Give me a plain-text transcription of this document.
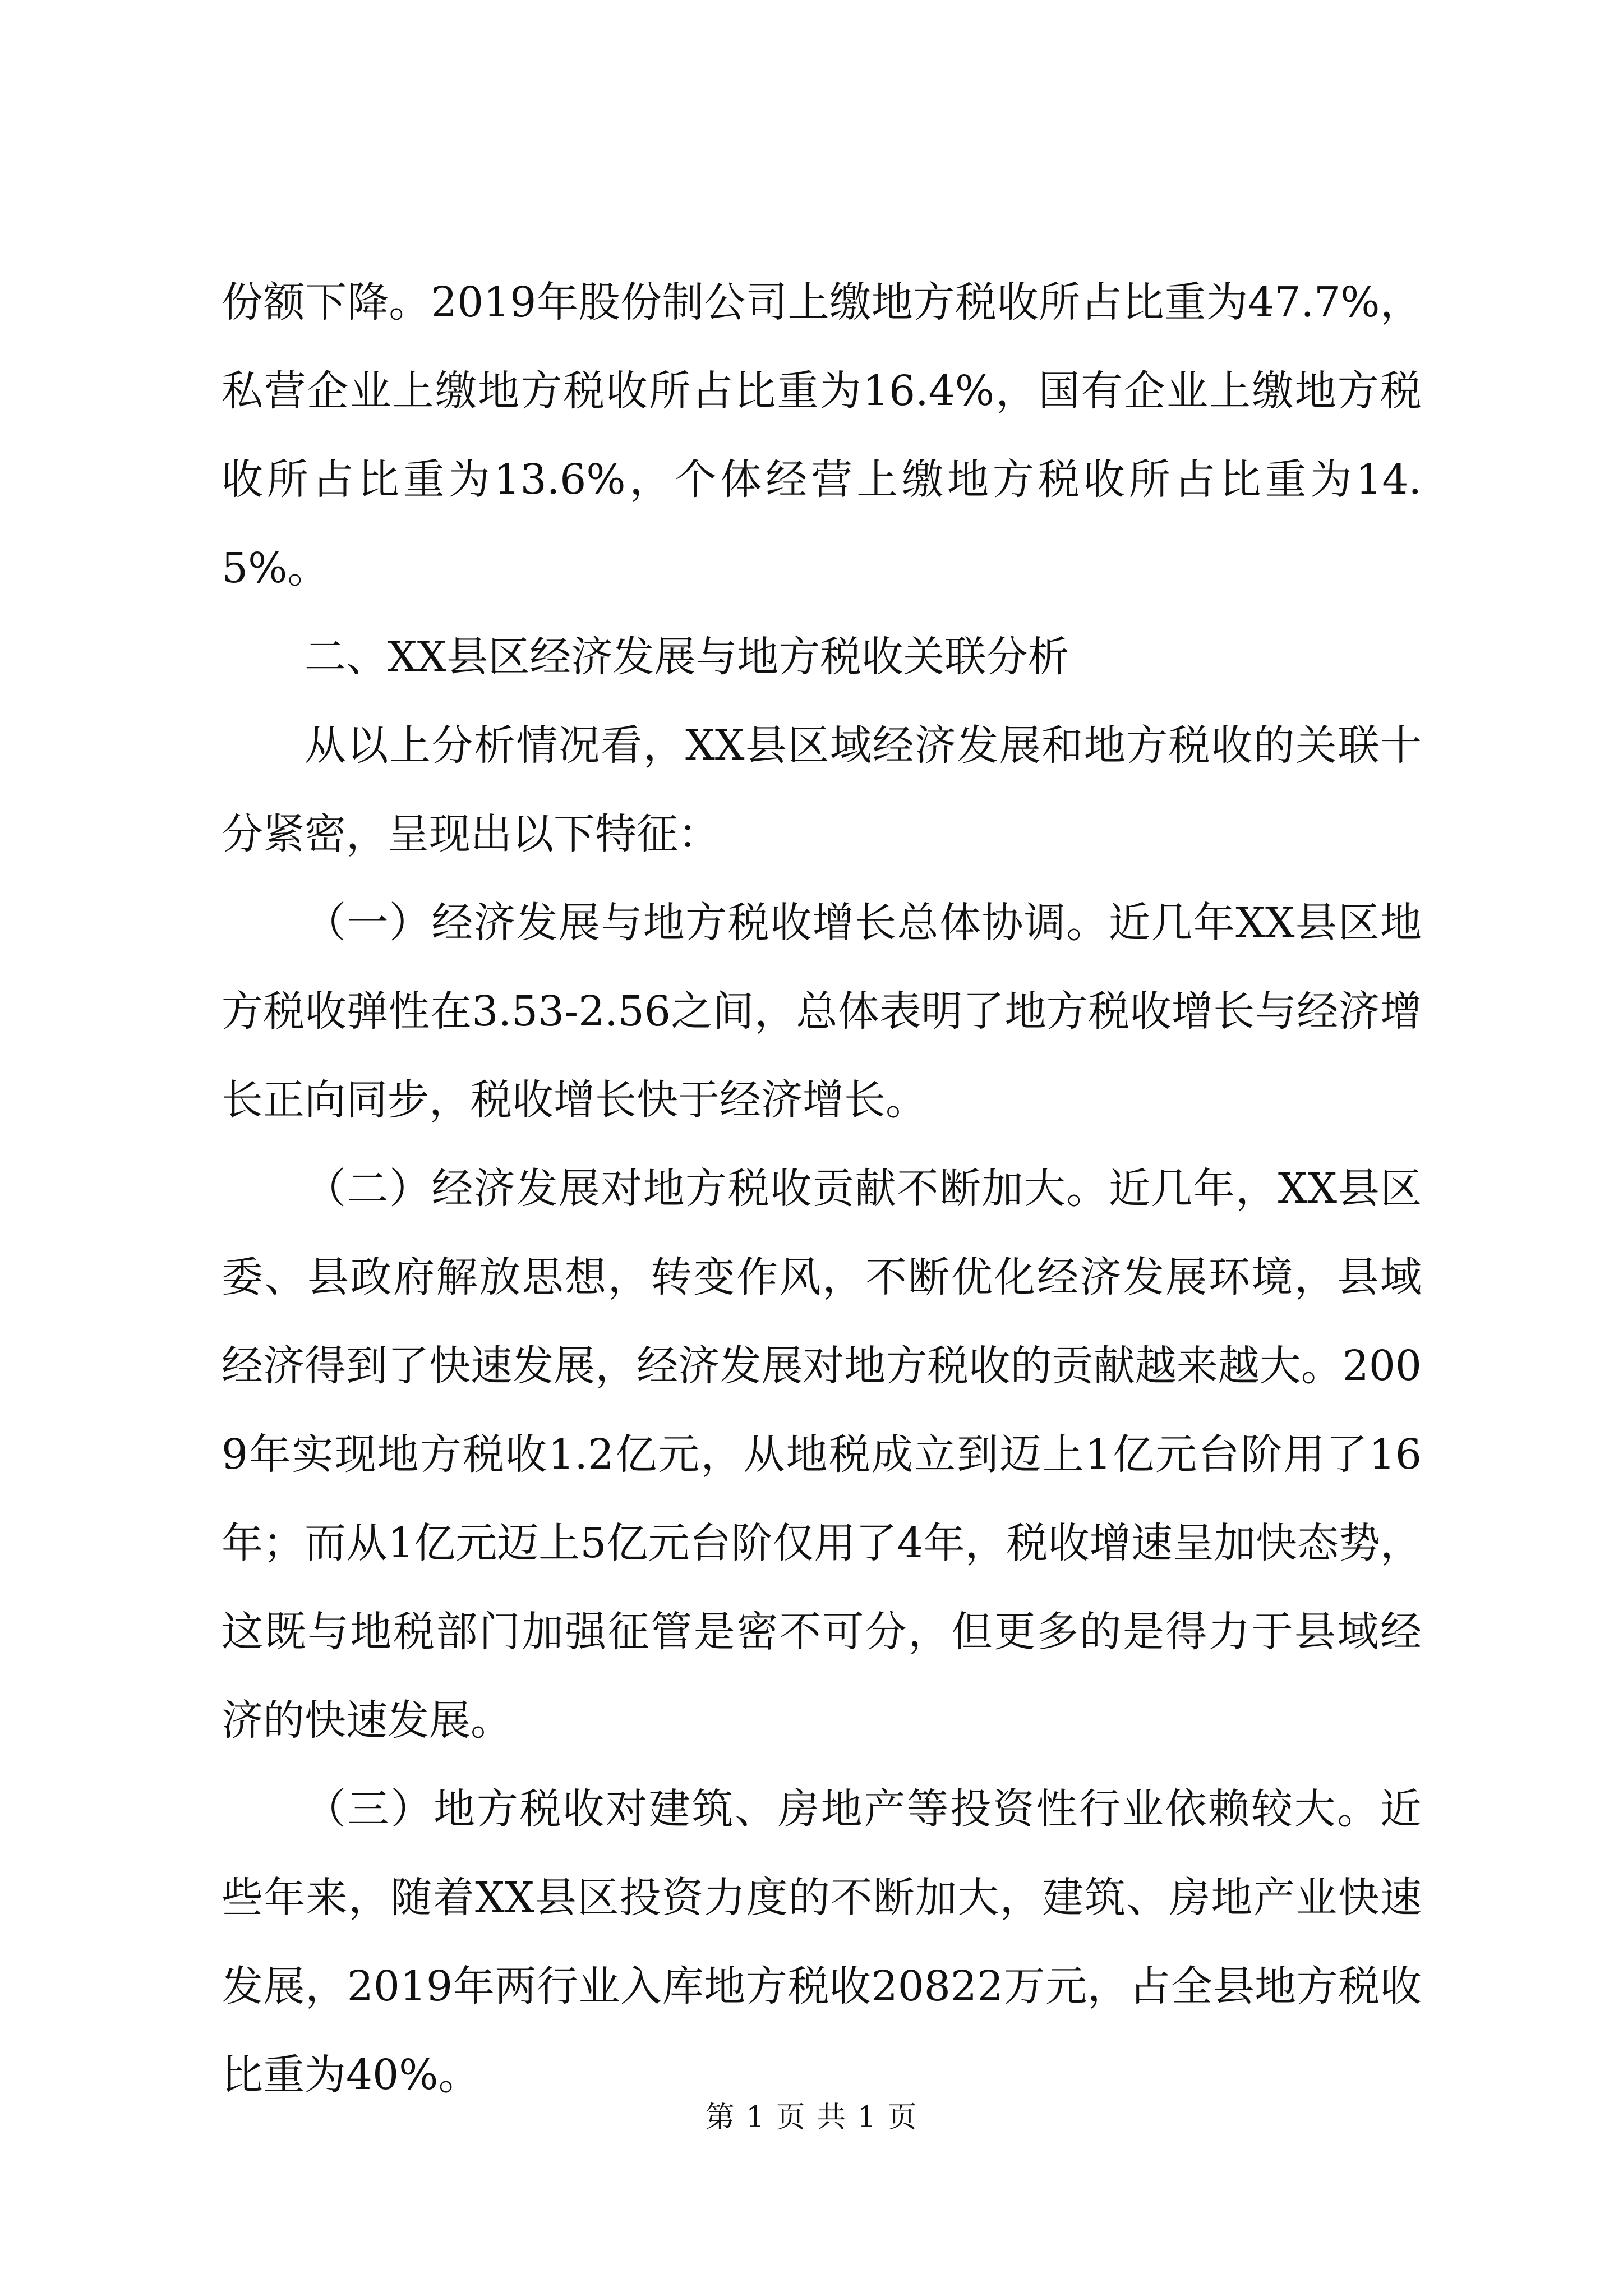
份额下降。2019年股份制公司上缴地方税收所占比重为47.7%，私营企业上缴地方税收所占比重为16.4%，国有企业上缴地方税收所占比重为13.6%，个体经营上缴地方税收所占比重为14.5%。

二、XX县区经济发展与地方税收关联分析

从以上分析情况看，XX县区域经济发展和地方税收的关联十分紧密，呈现出以下特征：

（一）经济发展与地方税收增长总体协调。近几年XX县区地方税收弹性在3.53-2.56之间，总体表明了地方税收增长与经济增长正向同步，税收增长快于经济增长。

（二）经济发展对地方税收贡献不断加大。近几年，XX县区委、县政府解放思想，转变作风，不断优化经济发展环境，县域经济得到了快速发展，经济发展对地方税收的贡献越来越大。2009年实现地方税收1.2亿元，从地税成立到迈上1亿元台阶用了16年；而从1亿元迈上5亿元台阶仅用了4年，税收增速呈加快态势，这既与地税部门加强征管是密不可分，但更多的是得力于县域经济的快速发展。

（三）地方税收对建筑、房地产等投资性行业依赖较大。近些年来，随着XX县区投资力度的不断加大，建筑、房地产业快速发展，2019年两行业入库地方税收20822万元，占全县地方税收比重为40%。

第 1 页 共 1 页
